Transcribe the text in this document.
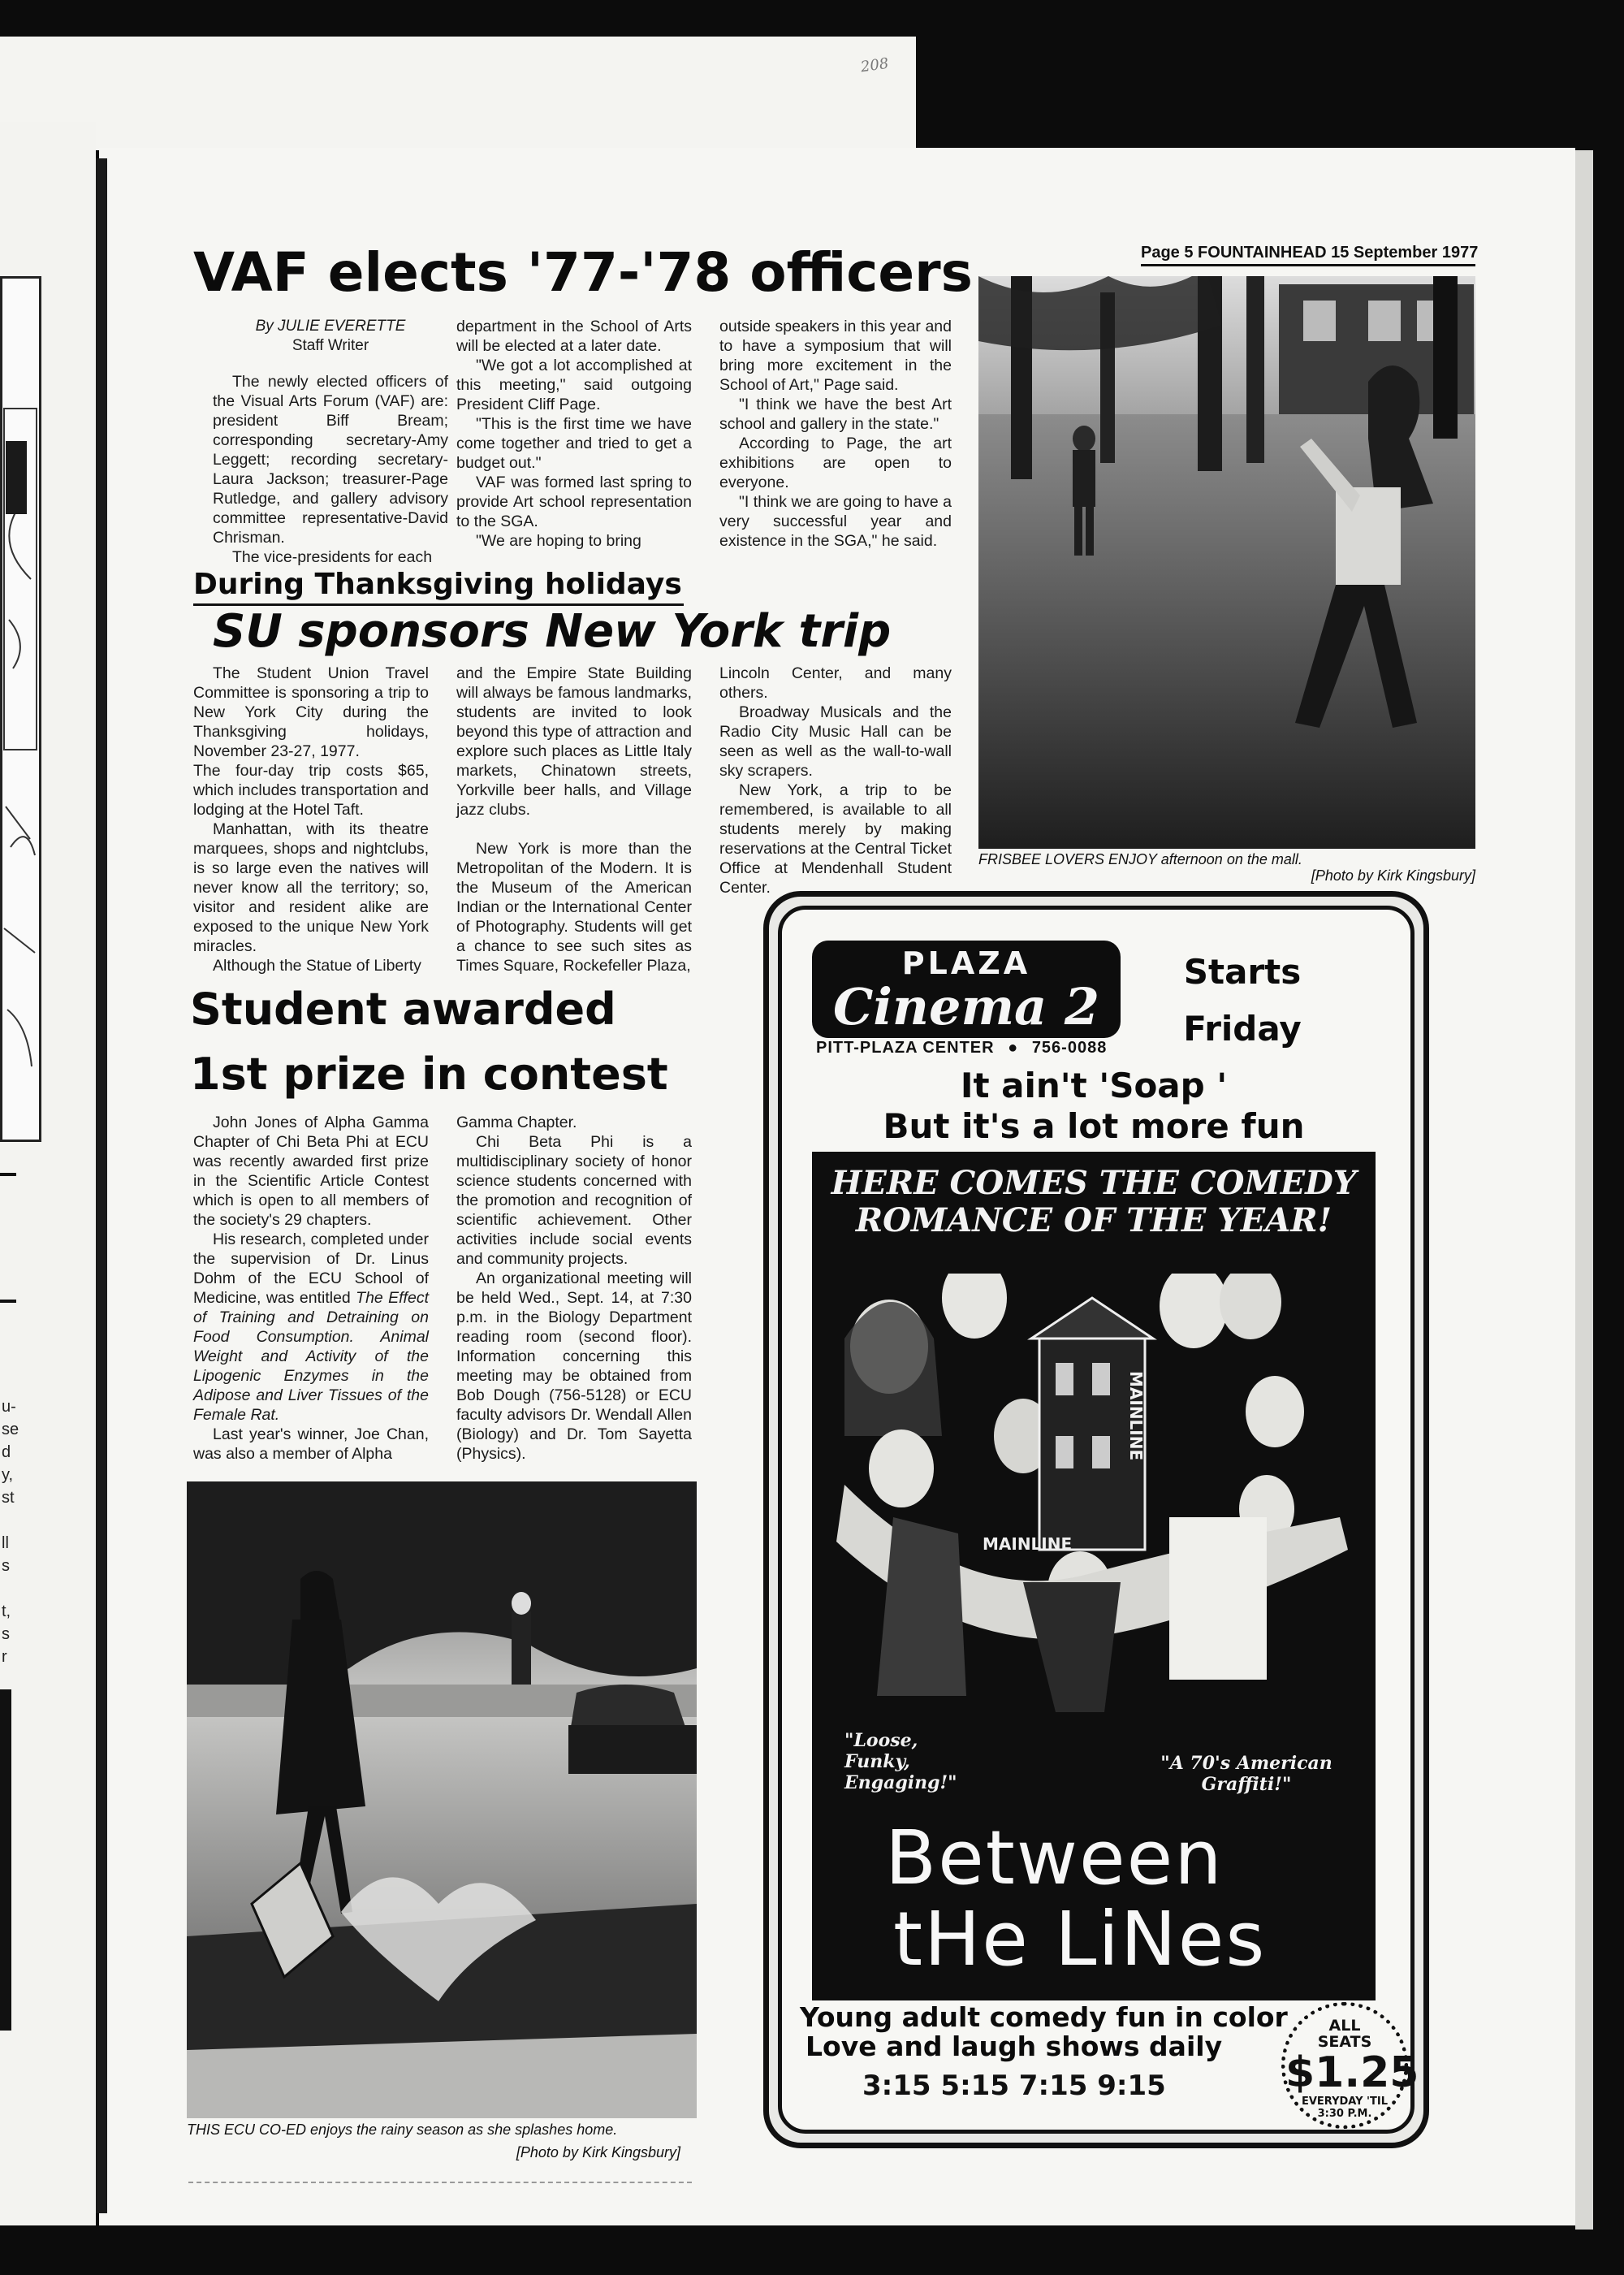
208
u-
se
d
y,
st
ll
s
t,
s
r
Page 5 FOUNTAINHEAD 15 September 1977
VAF elects '77-'78 officers
By JULIE EVERETTE
Staff Writer

The newly elected officers of the Visual Arts Forum (VAF) are: president Biff Bream; corresponding secretary-Amy Leggett; recording secretary-Laura Jackson; treasurer-Page Rutledge, and gallery advisory committee representative-David Chrisman.

The vice-presidents for each

department in the School of Arts will be elected at a later date.

"We got a lot accomplished at this meeting," said outgoing President Cliff Page.

"This is the first time we have come together and tried to get a budget out."

VAF was formed last spring to provide Art school representation to the SGA.

"We are hoping to bring

outside speakers in this year and to have a symposium that will bring more excitement in the School of Art," Page said.

"I think we have the best Art school and gallery in the state."

According to Page, the art exhibitions are open to everyone.

"I think we are going to have a very successful year and existence in the SGA," he said.

FRISBEE LOVERS ENJOY afternoon on the mall.
[Photo by Kirk Kingsbury]
During Thanksgiving holidays
SU sponsors New York trip

The Student Union Travel Committee is sponsoring a trip to New York City during the Thanksgiving holidays, November 23-27, 1977.

The four-day trip costs $65, which includes transportation and lodging at the Hotel Taft.

Manhattan, with its theatre marquees, shops and nightclubs, is so large even the natives will never know all the territory; so, visitor and resident alike are exposed to the unique New York miracles.

Although the Statue of Liberty

and the Empire State Building will always be famous landmarks, students are invited to look beyond this type of attraction and explore such places as Little Italy markets, Chinatown streets, Yorkville beer halls, and Village jazz clubs.

New York is more than the Metropolitan of the Modern. It is the Museum of the American Indian or the International Center of Photography. Students will get a chance to see such sites as Times Square, Rockefeller Plaza,

Lincoln Center, and many others.

Broadway Musicals and the Radio City Music Hall can be seen as well as the wall-to-wall sky scrapers.

New York, a trip to be remembered, is available to all students merely by making reservations at the Central Ticket Office at Mendenhall Student Center.

Student awarded
1st prize in contest

John Jones of Alpha Gamma Chapter of Chi Beta Phi at ECU was recently awarded first prize in the Scientific Article Contest which is open to all members of the society's 29 chapters.

His research, completed under the supervision of Dr. Linus Dohm of the ECU School of Medicine, was entitled The Effect of Training and Detraining on Food Consumption. Animal Weight and Activity of the Lipogenic Enzymes in the Adipose and Liver Tissues of the Female Rat.

Last year's winner, Joe Chan, was also a member of Alpha

Gamma Chapter.

Chi Beta Phi is a multidisciplinary society of honor science students concerned with the promotion and recognition of scientific achievement. Other activities include social events and community projects.

An organizational meeting will be held Wed., Sept. 14, at 7:30 p.m. in the Biology Department reading room (second floor). Information concerning this meeting may be obtained from Bob Dough (756-5128) or ECU faculty advisors Dr. Wendall Allen (Biology) and Dr. Tom Sayetta (Physics).

THIS ECU CO-ED enjoys the rainy season as she splashes home.
[Photo by Kirk Kingsbury]
PLAZA
Cinema 2
PITT-PLAZA CENTER ● 756-0088
Starts
Friday
It ain't 'Soap '
But it's a lot more fun
HERE COMES THE COMEDY
ROMANCE OF THE YEAR!
MAINLINE
MAINLINE
"Loose,
Funky,
Engaging!"
"A 70's American Graffiti!"
Between
tHe LiNes
Young adult comedy fun in color
Love and laugh shows daily
3:15 5:15 7:15 9:15
ALL
SEATS
$1.25
EVERYDAY 'TIL
3:30 P.M.
